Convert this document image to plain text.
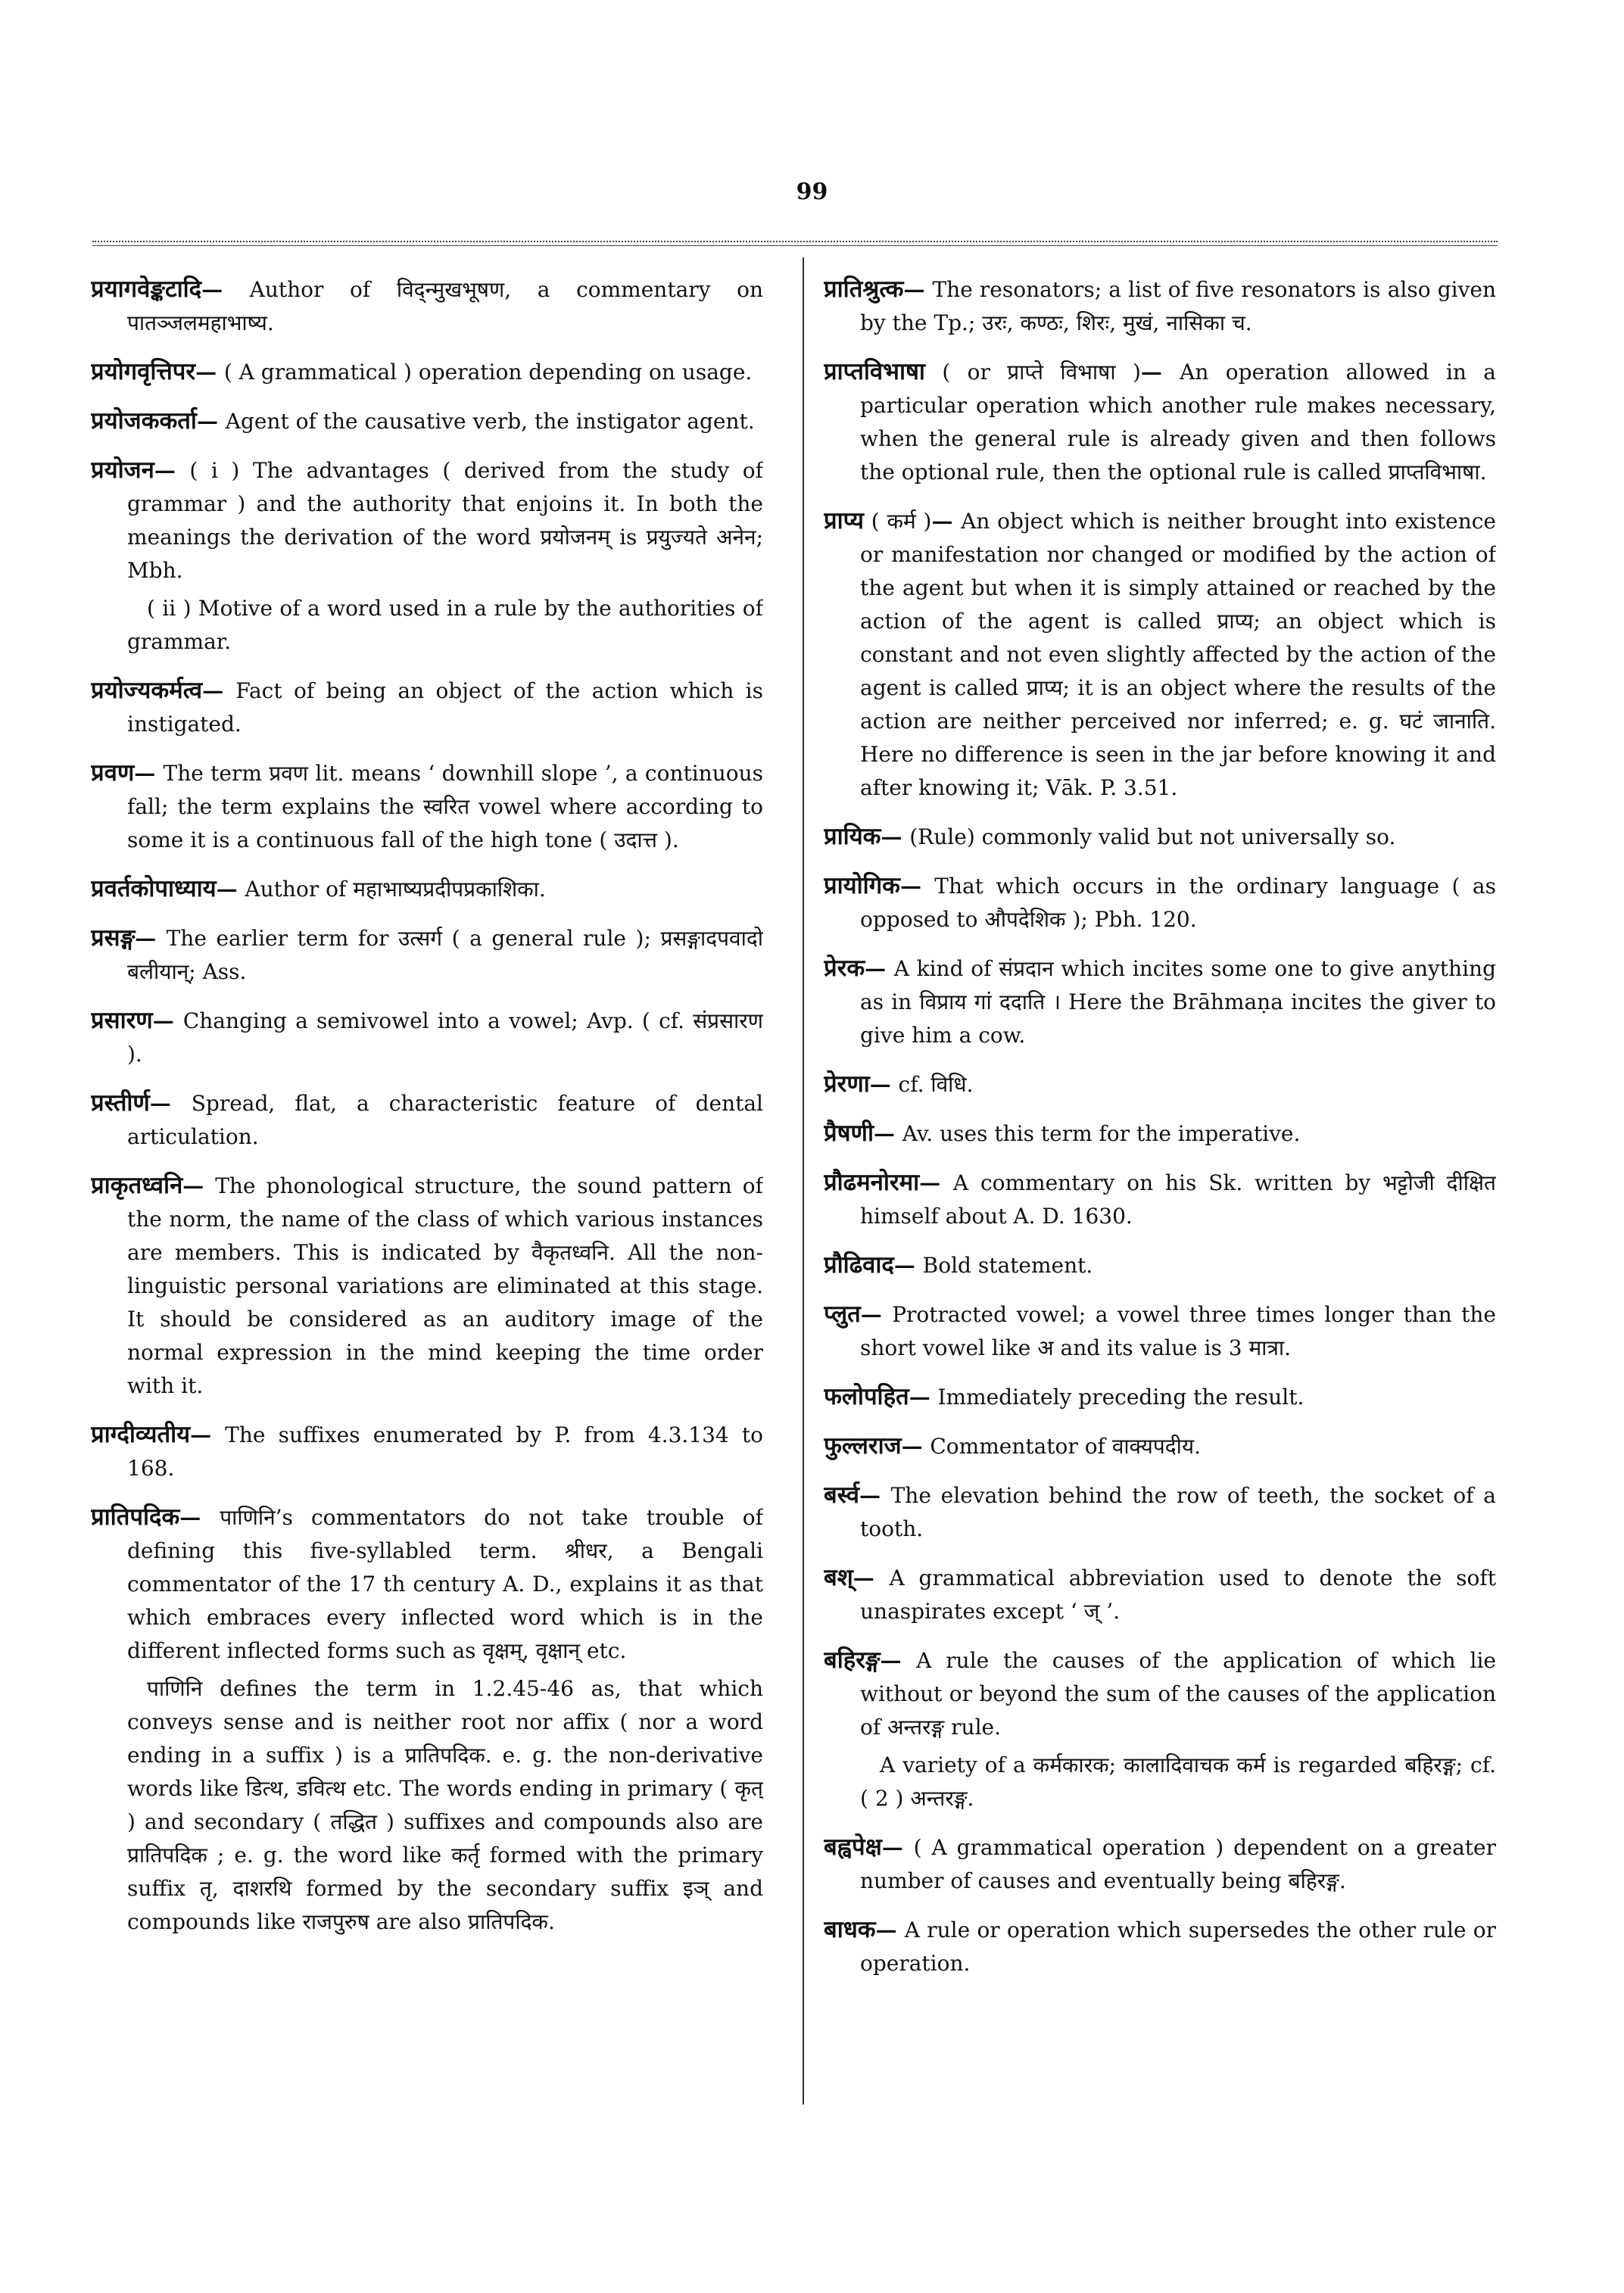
99

प्रयागवेङ्कटादि— Author of विद्न्मुखभूषण, a commentary on पातञ्जलमहाभाष्य.

प्रयोगवृत्तिपर— ( A grammatical ) operation depending on usage.

प्रयोजककर्ता— Agent of the causative verb, the instigator agent.

प्रयोजन— ( i ) The advantages ( derived from the study of grammar ) and the authority that enjoins it. In both the meanings the derivation of the word प्रयोजनम् is प्रयुज्यते अनेन; Mbh.

( ii ) Motive of a word used in a rule by the authorities of grammar.

प्रयोज्यकर्मत्व— Fact of being an object of the action which is instigated.

प्रवण— The term प्रवण lit. means ‘ downhill slope ’, a continuous fall; the term explains the स्वरित vowel where according to some it is a continuous fall of the high tone ( उदात्त ).

प्रवर्तकोपाध्याय— Author of महाभाष्यप्रदीपप्रकाशिका.

प्रसङ्ग— The earlier term for उत्सर्ग ( a general rule ); प्रसङ्गादपवादो बलीयान्; Ass.

प्रसारण— Changing a semivowel into a vowel; Avp. ( cf. संप्रसारण ).

प्रस्तीर्ण— Spread, flat, a characteristic feature of dental articulation.

प्राकृतध्वनि— The phonological structure, the sound pattern of the norm, the name of the class of which various instances are members. This is indicated by वैकृतध्वनि. All the non-linguistic personal variations are eliminated at this stage. It should be considered as an auditory image of the normal expression in the mind keeping the time order with it.

प्राग्दीव्यतीय— The suffixes enumerated by P. from 4.3.134 to 168.

प्रातिपदिक— पाणिनि’s commentators do not take trouble of defining this five-syllabled term. श्रीधर, a Bengali commentator of the 17 th century A. D., explains it as that which embraces every inflected word which is in the different inflected forms such as वृक्षम्, वृक्षान् etc.

पाणिनि defines the term in 1.2.45-46 as, that which conveys sense and is neither root nor affix ( nor a word ending in a suffix ) is a प्रातिपदिक. e. g. the non-derivative words like डित्थ, डवित्थ etc. The words ending in primary ( कृत् ) and secondary ( तद्धित ) suffixes and compounds also are प्रातिपदिक ; e. g. the word like कर्तृ formed with the primary suffix तृ, दाशरथि formed by the secondary suffix इञ् and compounds like राजपुरुष are also प्रातिपदिक.

प्रातिश्रुत्क— The resonators; a list of five resonators is also given by the Tp.; उरः, कण्ठः, शिरः, मुखं, नासिका च.

प्राप्तविभाषा ( or प्राप्ते विभाषा )— An operation allowed in a particular operation which another rule makes necessary, when the general rule is already given and then follows the optional rule, then the optional rule is called प्राप्तविभाषा.

प्राप्य ( कर्म )— An object which is neither brought into existence or manifestation nor changed or modified by the action of the agent but when it is simply attained or reached by the action of the agent is called प्राप्य; an object which is constant and not even slightly affected by the action of the agent is called प्राप्य; it is an object where the results of the action are neither perceived nor inferred; e. g. घटं जानाति. Here no difference is seen in the jar before knowing it and after knowing it; Vāk. P. 3.51.

प्रायिक— (Rule) commonly valid but not universally so.

प्रायोगिक— That which occurs in the ordinary language ( as opposed to औपदेशिक ); Pbh. 120.

प्रेरक— A kind of संप्रदान which incites some one to give anything as in विप्राय गां ददाति । Here the Brāhmaṇa incites the giver to give him a cow.

प्रेरणा— cf. विधि.

प्रैषणी— Av. uses this term for the imperative.

प्रौढमनोरमा— A commentary on his Sk. written by भट्टोजी दीक्षित himself about A. D. 1630.

प्रौढिवाद— Bold statement.

प्लुत— Protracted vowel; a vowel three times longer than the short vowel like अ and its value is 3 मात्रा.

फलोपहित— Immediately preceding the result.

फुल्लराज— Commentator of वाक्यपदीय.

बर्स्व— The elevation behind the row of teeth, the socket of a tooth.

बश्— A grammatical abbreviation used to denote the soft unaspirates except ‘ ज् ’.

बहिरङ्ग— A rule the causes of the application of which lie without or beyond the sum of the causes of the application of अन्तरङ्ग rule.

A variety of a कर्मकारक; कालादिवाचक कर्म is regarded बहिरङ्ग; cf. ( 2 ) अन्तरङ्ग.

बह्वपेक्ष— ( A grammatical operation ) dependent on a greater number of causes and eventually being बहिरङ्ग.

बाधक— A rule or operation which supersedes the other rule or operation.
